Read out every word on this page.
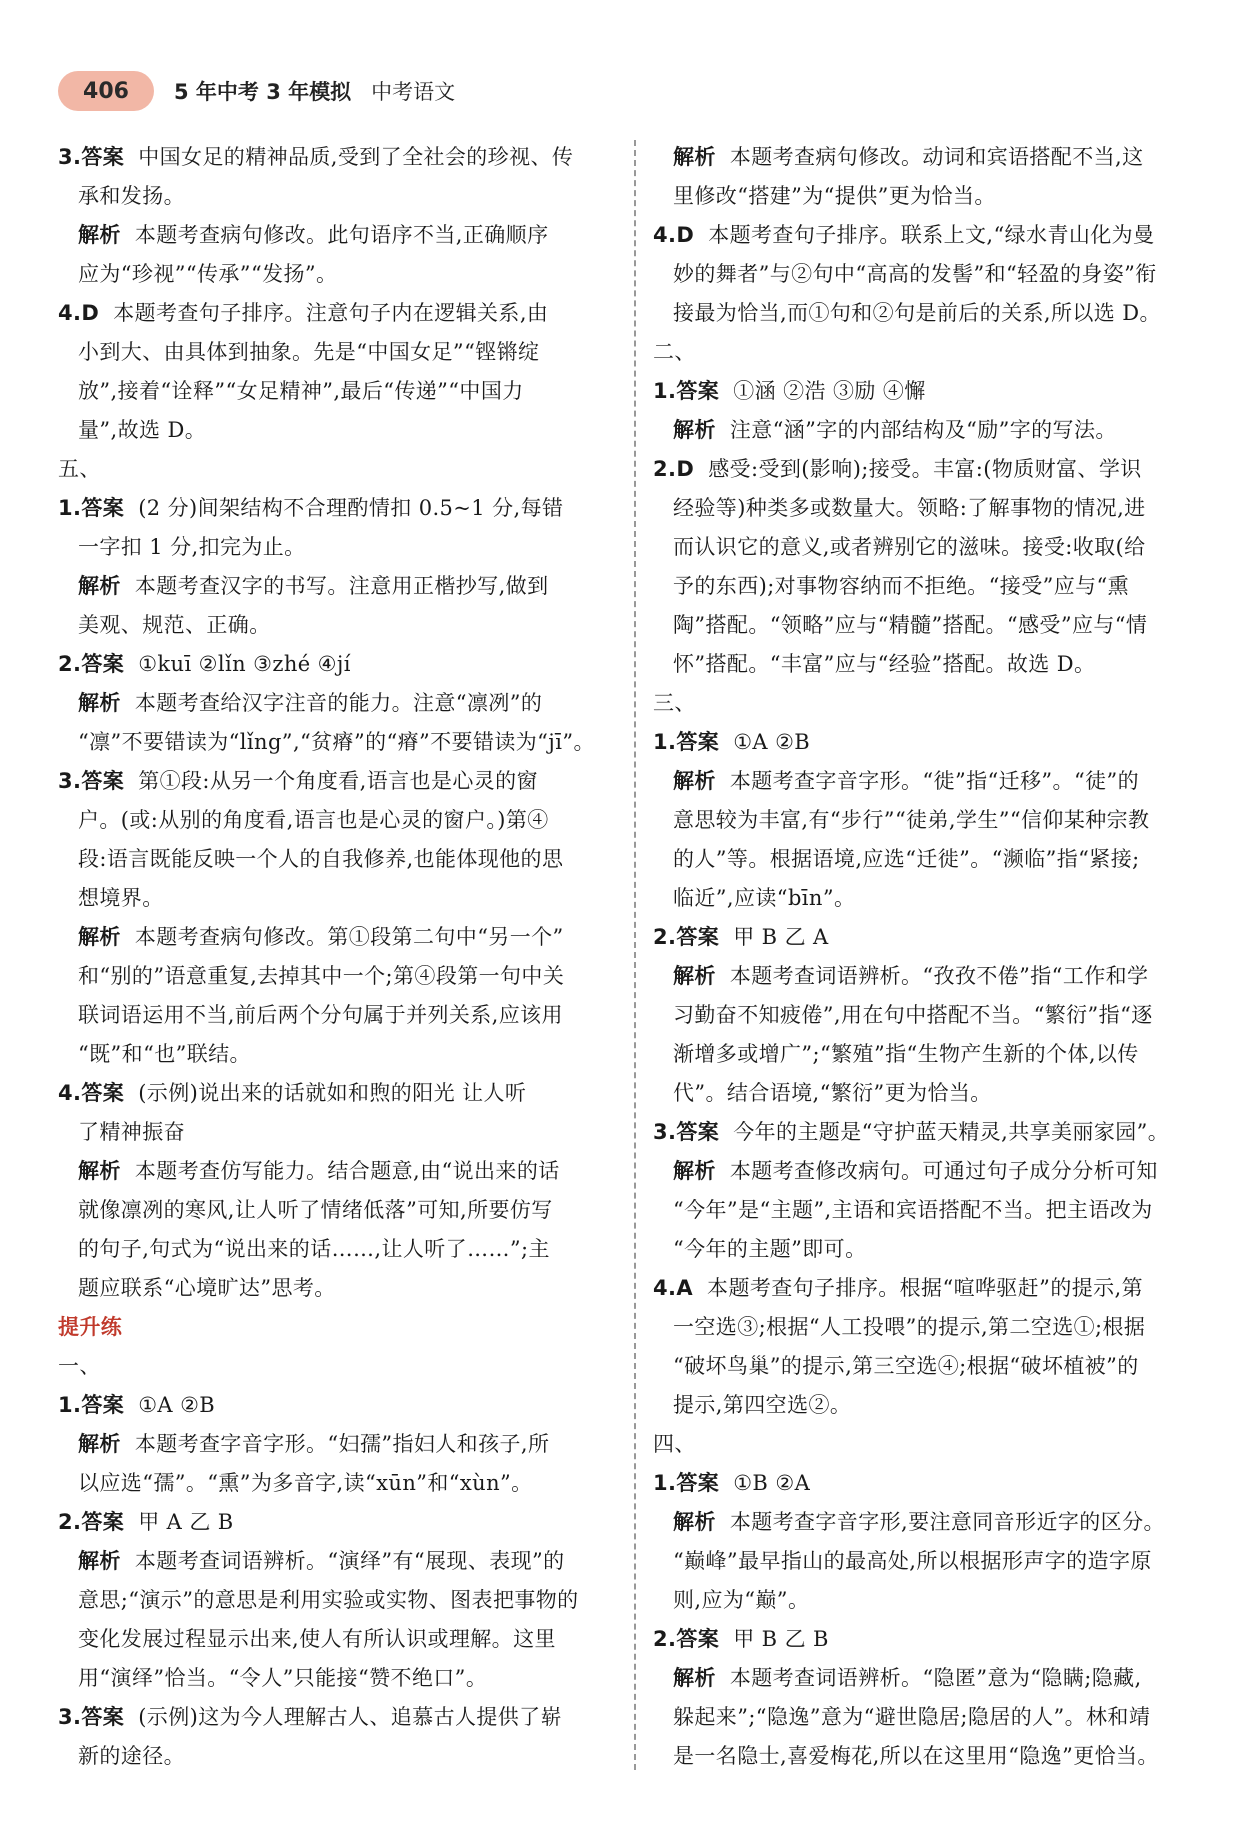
406	5 年中考 3 年模拟 中考语文
3.答案 中国女足的精神品质,受到了全社会的珍视、传
承和发扬。
解析 本题考查病句修改。此句语序不当,正确顺序
应为“珍视”“传承”“发扬”。
4.D 本题考查句子排序。注意句子内在逻辑关系,由
小到大、由具体到抽象。先是“中国女足”“铿锵绽
放”,接着“诠释”“女足精神”,最后“传递”“中国力
量”,故选 D。
五、
1.答案 (2 分)间架结构不合理酌情扣 0.5~1 分,每错
一字扣 1 分,扣完为止。
解析 本题考查汉字的书写。注意用正楷抄写,做到
美观、规范、正确。
2.答案 ①kuī ②lǐn ③zhé ④jí
解析 本题考查给汉字注音的能力。注意“凛冽”的
“凛”不要错读为“lǐng”,“贫瘠”的“瘠”不要错读为“jī”。
3.答案 第①段:从另一个角度看,语言也是心灵的窗
户。(或:从别的角度看,语言也是心灵的窗户。)第④
段:语言既能反映一个人的自我修养,也能体现他的思
想境界。
解析 本题考查病句修改。第①段第二句中“另一个”
和“别的”语意重复,去掉其中一个;第④段第一句中关
联词语运用不当,前后两个分句属于并列关系,应该用
“既”和“也”联结。
4.答案 (示例)说出来的话就如和煦的阳光 让人听
了精神振奋
解析 本题考查仿写能力。结合题意,由“说出来的话
就像凛冽的寒风,让人听了情绪低落”可知,所要仿写
的句子,句式为“说出来的话……,让人听了……”;主
题应联系“心境旷达”思考。
提升练
一、
1.答案 ①A ②B
解析 本题考查字音字形。“妇孺”指妇人和孩子,所
以应选“孺”。“熏”为多音字,读“xūn”和“xùn”。
2.答案 甲 A 乙 B
解析 本题考查词语辨析。“演绎”有“展现、表现”的
意思;“演示”的意思是利用实验或实物、图表把事物的
变化发展过程显示出来,使人有所认识或理解。这里
用“演绎”恰当。“令人”只能接“赞不绝口”。
3.答案 (示例)这为今人理解古人、追慕古人提供了崭
新的途径。
解析 本题考查病句修改。动词和宾语搭配不当,这
里修改“搭建”为“提供”更为恰当。
4.D 本题考查句子排序。联系上文,“绿水青山化为曼
妙的舞者”与②句中“高高的发髻”和“轻盈的身姿”衔
接最为恰当,而①句和②句是前后的关系,所以选 D。
二、
1.答案 ①涵 ②浩 ③励 ④懈
解析 注意“涵”字的内部结构及“励”字的写法。
2.D 感受:受到(影响);接受。丰富:(物质财富、学识
经验等)种类多或数量大。领略:了解事物的情况,进
而认识它的意义,或者辨别它的滋味。接受:收取(给
予的东西);对事物容纳而不拒绝。“接受”应与“熏
陶”搭配。“领略”应与“精髓”搭配。“感受”应与“情
怀”搭配。“丰富”应与“经验”搭配。故选 D。
三、
1.答案 ①A ②B
解析 本题考查字音字形。“徙”指“迁移”。“徒”的
意思较为丰富,有“步行”“徒弟,学生”“信仰某种宗教
的人”等。根据语境,应选“迁徙”。“濒临”指“紧接;
临近”,应读“bīn”。
2.答案 甲 B 乙 A
解析 本题考查词语辨析。“孜孜不倦”指“工作和学
习勤奋不知疲倦”,用在句中搭配不当。“繁衍”指“逐
渐增多或增广”;“繁殖”指“生物产生新的个体,以传
代”。结合语境,“繁衍”更为恰当。
3.答案 今年的主题是“守护蓝天精灵,共享美丽家园”。
解析 本题考查修改病句。可通过句子成分分析可知
“今年”是“主题”,主语和宾语搭配不当。把主语改为
“今年的主题”即可。
4.A 本题考查句子排序。根据“喧哗驱赶”的提示,第
一空选③;根据“人工投喂”的提示,第二空选①;根据
“破坏鸟巢”的提示,第三空选④;根据“破坏植被”的
提示,第四空选②。
四、
1.答案 ①B ②A
解析 本题考查字音字形,要注意同音形近字的区分。
“巅峰”最早指山的最高处,所以根据形声字的造字原
则,应为“巅”。
2.答案 甲 B 乙 B
解析 本题考查词语辨析。“隐匿”意为“隐瞒;隐藏,
躲起来”;“隐逸”意为“避世隐居;隐居的人”。林和靖
是一名隐士,喜爱梅花,所以在这里用“隐逸”更恰当。
